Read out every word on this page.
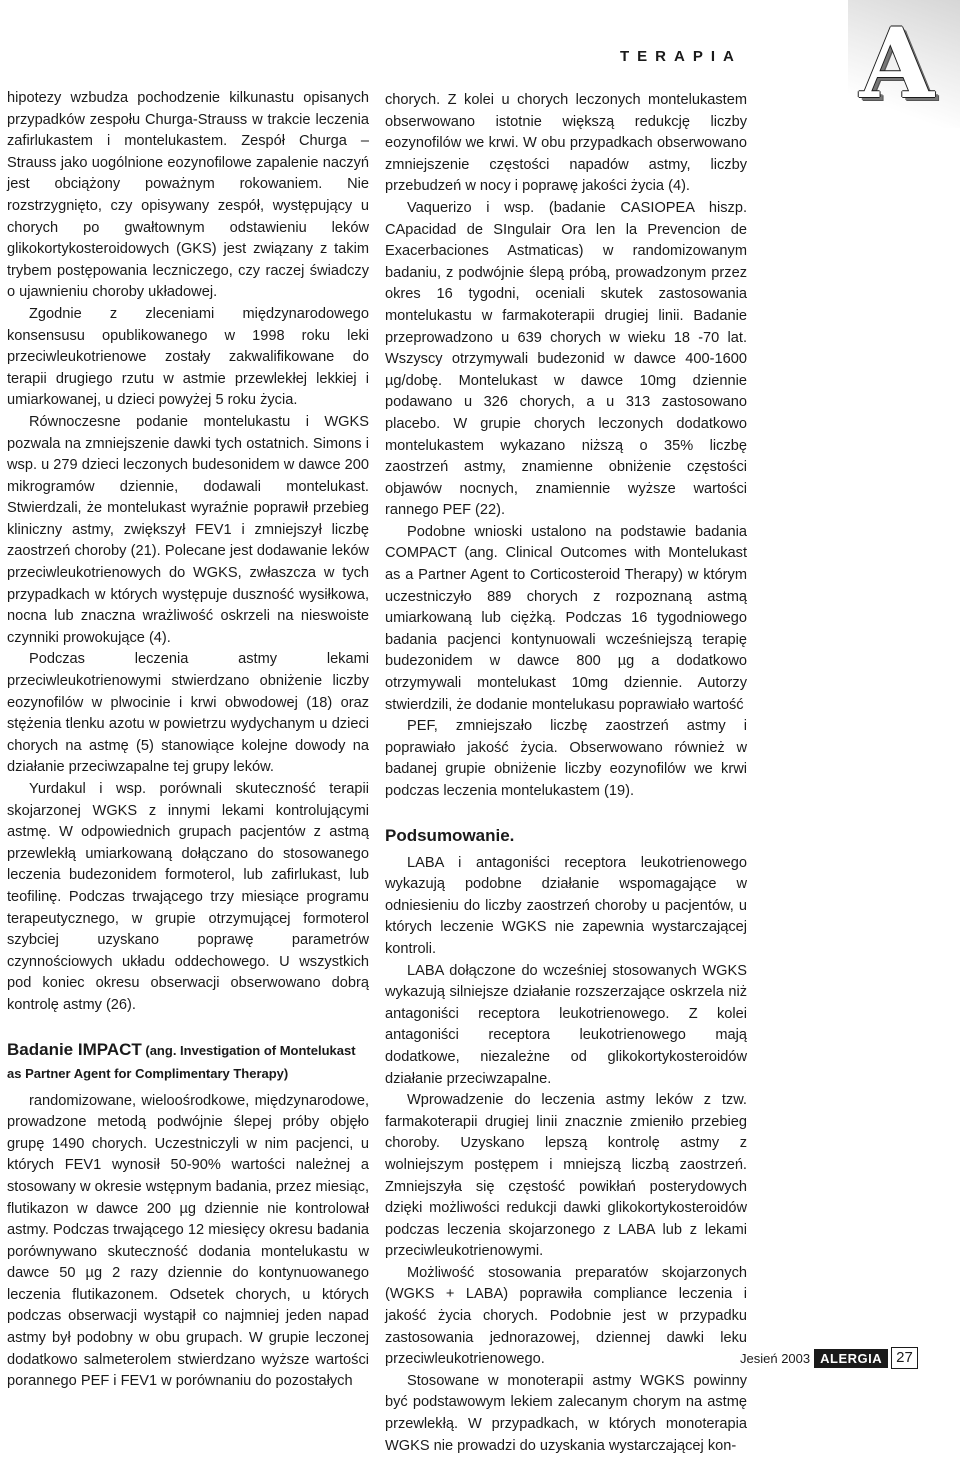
TERAPIA	A

hipotezy wzbudza pochodzenie kilkunastu opisanych przypadków zespołu Churga-Strauss w trakcie leczenia zafirlukastem i montelukastem. Zespół Churga – Strauss jako uogólnione eozynofilowe zapalenie naczyń jest obciążony poważnym rokowaniem. Nie rozstrzygnięto, czy opisywany zespół, występujący u chorych po gwałtownym odstawieniu leków glikokortykosteroidowych (GKS) jest związany z takim trybem postępowania leczniczego, czy raczej świadczy o ujawnieniu choroby układowej.

Zgodnie z zleceniami międzynarodowego konsensusu opublikowanego w 1998 roku leki przeciwleukotrienowe zostały zakwalifikowane do terapii drugiego rzutu w astmie przewlekłej lekkiej i umiarkowanej, u dzieci powyżej 5 roku życia.

Równoczesne podanie montelukastu i WGKS pozwala na zmniejszenie dawki tych ostatnich. Simons i wsp. u 279 dzieci leczonych budesonidem w dawce 200 mikrogramów dziennie, dodawali montelukast. Stwierdzali, że montelukast wyraźnie poprawił przebieg kliniczny astmy, zwiększył FEV1 i zmniejszył liczbę zaostrzeń choroby (21). Polecane jest dodawanie leków przeciwleukotrienowych do WGKS, zwłaszcza w tych przypadkach w których występuje duszność wysiłkowa, nocna lub znaczna wrażliwość oskrzeli na nieswoiste czynniki prowokujące (4).

Podczas leczenia astmy lekami przeciwleukotrienowymi stwierdzano obniżenie liczby eozynofilów w plwocinie i krwi obwodowej (18) oraz stężenia tlenku azotu w powietrzu wydychanym u dzieci chorych na astmę (5) stanowiące kolejne dowody na działanie przeciwzapalne tej grupy leków.

Yurdakul i wsp. porównali skuteczność terapii skojarzonej WGKS z innymi lekami kontrolującymi astmę. W odpowiednich grupach pacjentów z astmą przewlekłą umiarkowaną dołączano do stosowanego leczenia budezonidem formoterol, lub zafirlukast, lub teofilinę. Podczas trwającego trzy miesiące programu terapeutycznego, w grupie otrzymującej formoterol szybciej uzyskano poprawę parametrów czynnościowych układu oddechowego. U wszystkich pod koniec okresu obserwacji obserwowano dobrą kontrolę astmy (26).

Badanie IMPACT (ang. Investigation of Montelukast as Partner Agent for Complimentary Therapy)

randomizowane, wieloośrodkowe, międzynarodowe, prowadzone metodą podwójnie ślepej próby objęło grupę 1490 chorych. Uczestniczyli w nim pacjenci, u których FEV1 wynosił 50-90% wartości należnej a stosowany w okresie wstępnym badania, przez miesiąc, flutikazon w dawce 200 µg dziennie nie kontrolował astmy. Podczas trwającego 12 miesięcy okresu badania porównywano skuteczność dodania montelukastu w dawce 50 µg 2 razy dziennie do kontynuowanego leczenia flutikazonem. Odsetek chorych, u których podczas obserwacji wystąpił co najmniej jeden napad astmy był podobny w obu grupach. W grupie leczonej dodatkowo salmeterolem stwierdzano wyższe wartości porannego PEF i FEV1 w porównaniu do pozostałych

chorych. Z kolei u chorych leczonych montelukastem obserwowano istotnie większą redukcję liczby eozynofilów we krwi. W obu przypadkach obserwowano zmniejszenie częstości napadów astmy, liczby przebudzeń w nocy i poprawę jakości życia (4).

Vaquerizo i wsp. (badanie CASIOPEA hiszp. CApacidad de SIngulair Ora len la Prevencion de Exacerbaciones Astmaticas) w randomizowanym badaniu, z podwójnie ślepą próbą, prowadzonym przez okres 16 tygodni, oceniali skutek zastosowania montelukastu w farmakoterapii drugiej linii. Badanie przeprowadzono u 639 chorych w wieku 18 -70 lat. Wszyscy otrzymywali budezonid w dawce 400-1600 µg/dobę. Montelukast w dawce 10mg dziennie podawano u 326 chorych, a u 313 zastosowano placebo. W grupie chorych leczonych dodatkowo montelukastem wykazano niższą o 35% liczbę zaostrzeń astmy, znamienne obniżenie częstości objawów nocnych, znamiennie wyższe wartości rannego PEF (22).

Podobne wnioski ustalono na podstawie badania COMPACT (ang. Clinical Outcomes with Montelukast as a Partner Agent to Corticosteroid Therapy) w którym uczestniczyło 889 chorych z rozpoznaną astmą umiarkowaną lub ciężką. Podczas 16 tygodniowego badania pacjenci kontynuowali wcześniejszą terapię budezonidem w dawce 800 µg a dodatkowo otrzymywali montelukast 10mg dziennie. Autorzy stwierdzili, że dodanie montelukasu poprawiało wartość

PEF, zmniejszało liczbę zaostrzeń astmy i poprawiało jakość życia. Obserwowano również w badanej grupie obniżenie liczby eozynofilów we krwi podczas leczenia montelukastem (19).

Podsumowanie.

LABA i antagoniści receptora leukotrienowego wykazują podobne działanie wspomagające w odniesieniu do liczby zaostrzeń choroby u pacjentów, u których leczenie WGKS nie zapewnia wystarczającej kontroli.

LABA dołączone do wcześniej stosowanych WGKS wykazują silniejsze działanie rozszerzające oskrzela niż antagoniści receptora leukotrienowego. Z kolei antagoniści receptora leukotrienowego mają dodatkowe, niezależne od glikokortykosteroidów działanie przeciwzapalne.

Wprowadzenie do leczenia astmy leków z tzw. farmakoterapii drugiej linii znacznie zmieniło przebieg choroby. Uzyskano lepszą kontrolę astmy z wolniejszym postępem i mniejszą liczbą zaostrzeń. Zmniejszyła się częstość powikłań posterydowych dzięki możliwości redukcji dawki glikokortykosteroidów podczas leczenia skojarzonego z LABA lub z lekami przeciwleukotrienowymi.

Możliwość stosowania preparatów skojarzonych (WGKS + LABA) poprawiła compliance leczenia i jakość życia chorych. Podobnie jest w przypadku zastosowania jednorazowej, dziennej dawki leku przeciwleukotrienowego.

Stosowane w monoterapii astmy WGKS powinny być podstawowym lekiem zalecanym chorym na astmę przewlekłą. W przypadkach, w których monoterapia WGKS nie prowadzi do uzyskania wystarczającej kon-

Jesień 2003 ALERGIA 27
